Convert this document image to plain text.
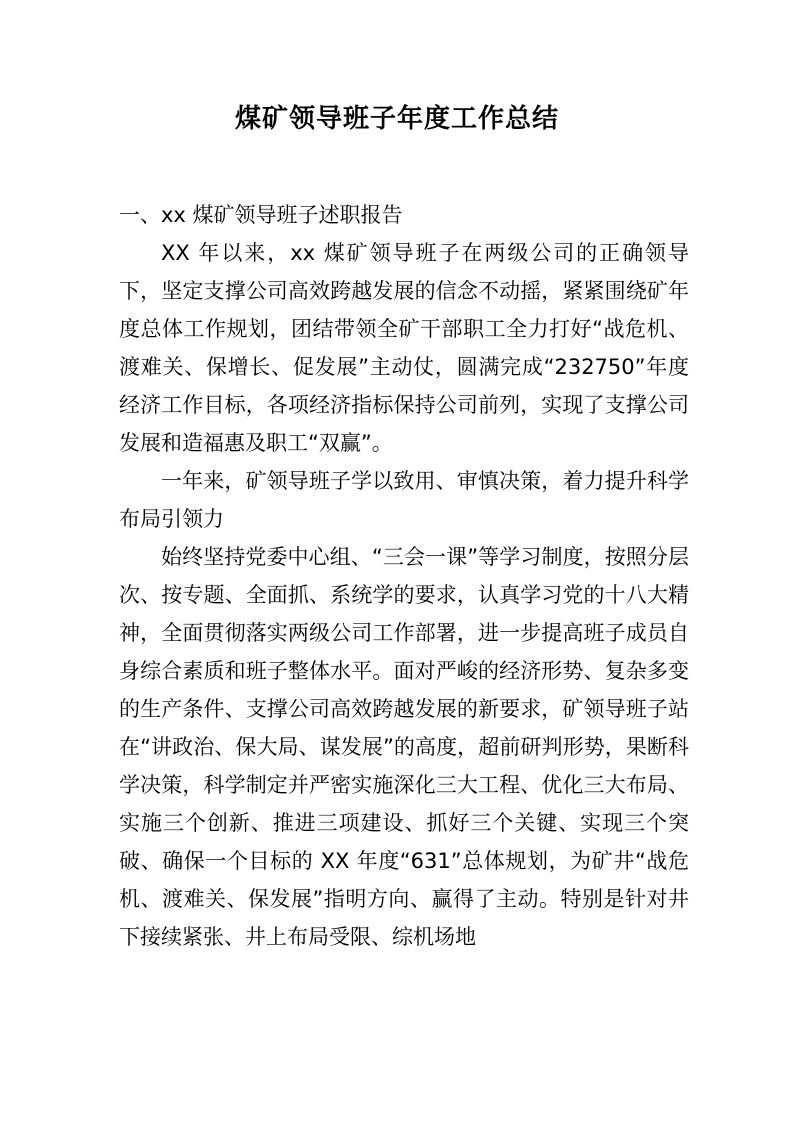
煤矿领导班子年度工作总结

一、xx 煤矿领导班子述职报告

XX 年以来，xx 煤矿领导班子在两级公司的正确领导下，坚定支撑公司高效跨越发展的信念不动摇，紧紧围绕矿年度总体工作规划，团结带领全矿干部职工全力打好“战危机、渡难关、保增长、促发展”主动仗，圆满完成“232750”年度经济工作目标，各项经济指标保持公司前列，实现了支撑公司发展和造福惠及职工“双赢”。

一年来，矿领导班子学以致用、审慎决策，着力提升科学布局引领力

始终坚持党委中心组、“三会一课”等学习制度，按照分层次、按专题、全面抓、系统学的要求，认真学习党的十八大精神，全面贯彻落实两级公司工作部署，进一步提高班子成员自身综合素质和班子整体水平。面对严峻的经济形势、复杂多变的生产条件、支撑公司高效跨越发展的新要求，矿领导班子站在“讲政治、保大局、谋发展”的高度，超前研判形势，果断科学决策，科学制定并严密实施深化三大工程、优化三大布局、实施三个创新、推进三项建设、抓好三个关键、实现三个突破、确保一个目标的 XX 年度“631”总体规划，为矿井“战危机、渡难关、保发展”指明方向、赢得了主动。特别是针对井下接续紧张、井上布局受限、综机场地
